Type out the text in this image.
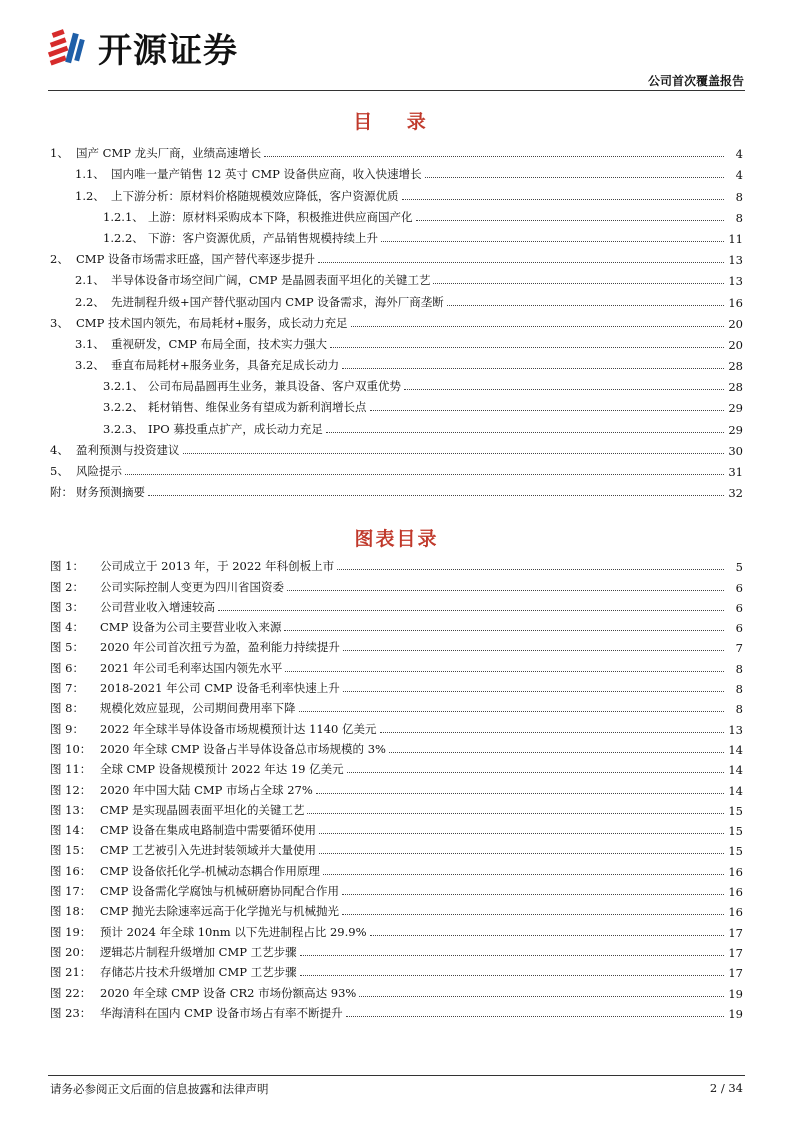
开源证券
公司首次覆盖报告
目 录
1、 国产 CMP 龙头厂商，业绩高速增长	4
1.1、 国内唯一量产销售 12 英寸 CMP 设备供应商，收入快速增长	4
1.2、 上下游分析：原材料价格随规模效应降低，客户资源优质	8
1.2.1、 上游：原材料采购成本下降，积极推进供应商国产化	8
1.2.2、 下游：客户资源优质，产品销售规模持续上升	11
2、 CMP 设备市场需求旺盛，国产替代率逐步提升	13
2.1、 半导体设备市场空间广阔，CMP 是晶圆表面平坦化的关键工艺	13
2.2、 先进制程升级+国产替代驱动国内 CMP 设备需求，海外厂商垄断	16
3、 CMP 技术国内领先，布局耗材+服务，成长动力充足	20
3.1、 重视研发，CMP 布局全面，技术实力强大	20
3.2、 垂直布局耗材+服务业务，具备充足成长动力	28
3.2.1、 公司布局晶圆再生业务，兼具设备、客户双重优势	28
3.2.2、 耗材销售、维保业务有望成为新利润增长点	29
3.2.3、 IPO 募投重点扩产，成长动力充足	29
4、 盈利预测与投资建议	30
5、 风险提示	31
附： 财务预测摘要	32
图表目录
图 1：	公司成立于 2013 年，于 2022 年科创板上市	5
图 2：	公司实际控制人变更为四川省国资委	6
图 3：	公司营业收入增速较高	6
图 4：	CMP 设备为公司主要营业收入来源	6
图 5：	2020 年公司首次扭亏为盈，盈利能力持续提升	7
图 6：	2021 年公司毛利率达国内领先水平	8
图 7：	2018-2021 年公司 CMP 设备毛利率快速上升	8
图 8：	规模化效应显现，公司期间费用率下降	8
图 9：	2022 年全球半导体设备市场规模预计达 1140 亿美元	13
图 10： 2020 年全球 CMP 设备占半导体设备总市场规模的 3%	14
图 11： 全球 CMP 设备规模预计 2022 年达 19 亿美元	14
图 12： 2020 年中国大陆 CMP 市场占全球 27%	14
图 13： CMP 是实现晶圆表面平坦化的关键工艺	15
图 14： CMP 设备在集成电路制造中需要循环使用	15
图 15： CMP 工艺被引入先进封装领域并大量使用	15
图 16： CMP 设备依托化学-机械动态耦合作用原理	16
图 17： CMP 设备需化学腐蚀与机械研磨协同配合作用	16
图 18： CMP 抛光去除速率远高于化学抛光与机械抛光	16
图 19： 预计 2024 年全球 10nm 以下先进制程占比 29.9%	17
图 20： 逻辑芯片制程升级增加 CMP 工艺步骤	17
图 21： 存储芯片技术升级增加 CMP 工艺步骤	17
图 22： 2020 年全球 CMP 设备 CR2 市场份额高达 93%	19
图 23： 华海清科在国内 CMP 设备市场占有率不断提升	19
请务必参阅正文后面的信息披露和法律声明	2 / 34
